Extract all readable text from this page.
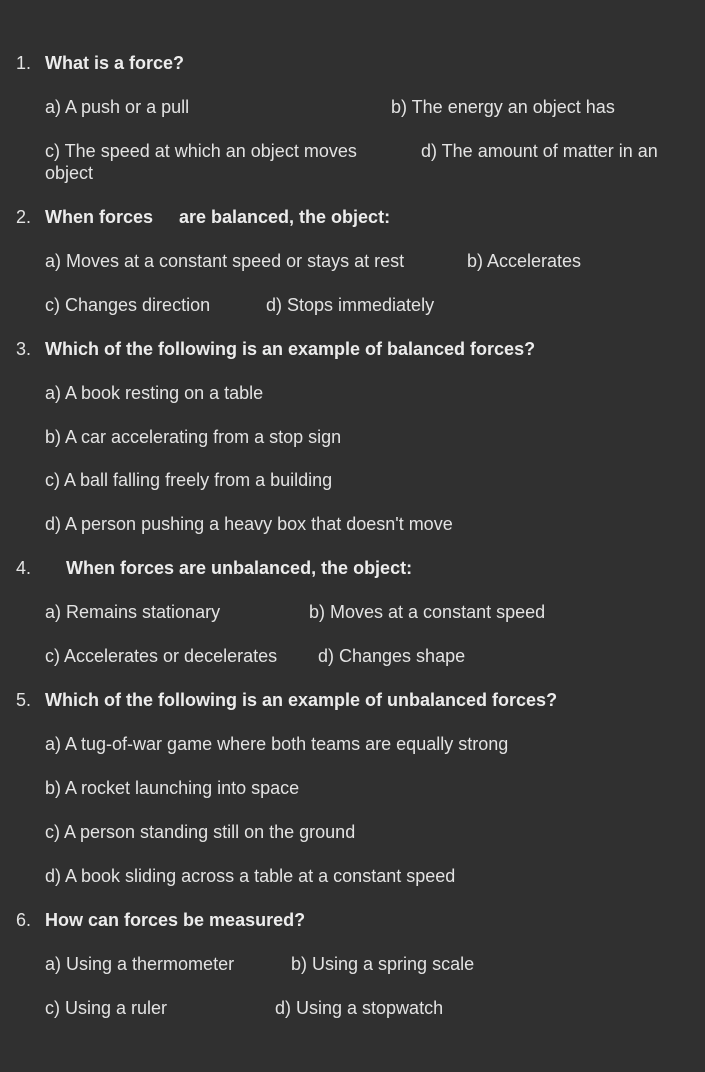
1. What is a force?
a) A push or a pull	b) The energy an object has
c) The speed at which an object moves	d) The amount of matter in an
object
2. When forces are balanced, the object:
a) Moves at a constant speed or stays at rest	b) Accelerates
c) Changes direction	d) Stops immediately
3. Which of the following is an example of balanced forces?
a) A book resting on a table
b) A car accelerating from a stop sign
c) A ball falling freely from a building
d) A person pushing a heavy box that doesn't move
4. When forces are unbalanced, the object:
a) Remains stationary	b) Moves at a constant speed
c) Accelerates or decelerates d) Changes shape
5. Which of the following is an example of unbalanced forces?
a) A tug-of-war game where both teams are equally strong
b) A rocket launching into space
c) A person standing still on the ground
d) A book sliding across a table at a constant speed
6. How can forces be measured?
a) Using a thermometer	b) Using a spring scale
c) Using a ruler	d) Using a stopwatch
